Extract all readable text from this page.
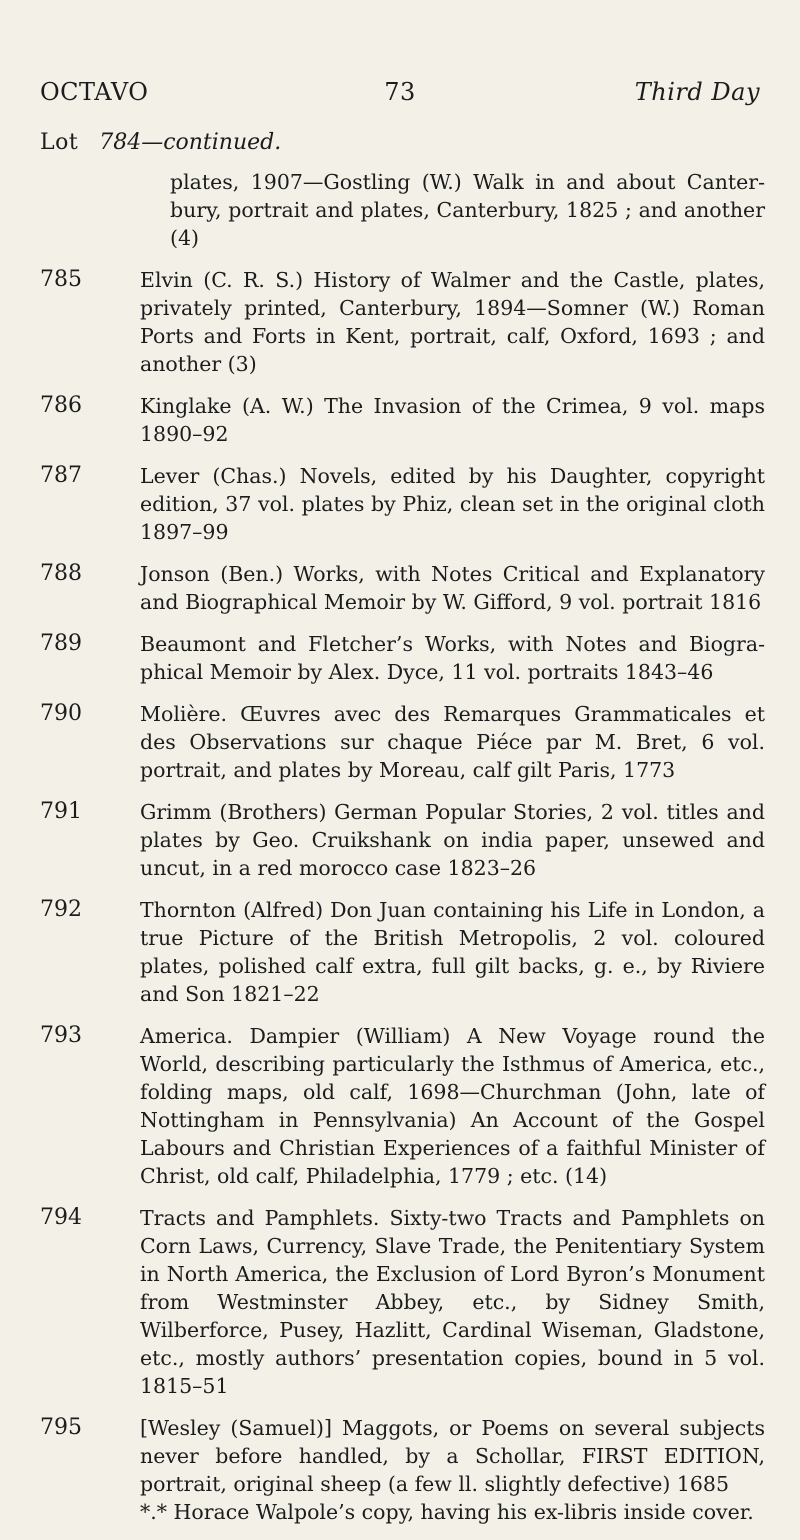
OCTAVO	73	Third Day
Lot 784—continued.
plates, 1907—Gostling (W.) Walk in and about Canter-bury, portrait and plates, Canterbury, 1825 ; and another (4)
785	Elvin (C. R. S.) History of Walmer and the Castle, plates, privately printed, Canterbury, 1894—Somner (W.) Roman Ports and Forts in Kent, portrait, calf, Oxford, 1693 ; and another (3)
786	Kinglake (A. W.) The Invasion of the Crimea, 9 vol. maps 1890–92
787	Lever (Chas.) Novels, edited by his Daughter, copyright edition, 37 vol. plates by Phiz, clean set in the original cloth 1897–99
788	Jonson (Ben.) Works, with Notes Critical and Explanatory and Biographical Memoir by W. Gifford, 9 vol. portrait 1816
789	Beaumont and Fletcher’s Works, with Notes and Biogra-phical Memoir by Alex. Dyce, 11 vol. portraits 1843–46
790	Molière. Œuvres avec des Remarques Grammaticales et des Observations sur chaque Piéce par M. Bret, 6 vol. portrait, and plates by Moreau, calf gilt Paris, 1773
791	Grimm (Brothers) German Popular Stories, 2 vol. titles and plates by Geo. Cruikshank on india paper, unsewed and uncut, in a red morocco case 1823–26
792	Thornton (Alfred) Don Juan containing his Life in London, a true Picture of the British Metropolis, 2 vol. coloured plates, polished calf extra, full gilt backs, g. e., by Riviere and Son 1821–22
793	America. Dampier (William) A New Voyage round the World, describing particularly the Isthmus of America, etc., folding maps, old calf, 1698—Churchman (John, late of Nottingham in Pennsylvania) An Account of the Gospel Labours and Christian Experiences of a faithful Minister of Christ, old calf, Philadelphia, 1779 ; etc. (14)
794	Tracts and Pamphlets. Sixty-two Tracts and Pamphlets on Corn Laws, Currency, Slave Trade, the Penitentiary System in North America, the Exclusion of Lord Byron’s Monument from Westminster Abbey, etc., by Sidney Smith, Wilberforce, Pusey, Hazlitt, Cardinal Wiseman, Gladstone, etc., mostly authors’ presentation copies, bound in 5 vol. 1815–51
795	[Wesley (Samuel)] Maggots, or Poems on several subjects never before handled, by a Schollar, FIRST EDITION, portrait, original sheep (a few ll. slightly defective) 1685
*.* Horace Walpole’s copy, having his ex-libris inside cover.
